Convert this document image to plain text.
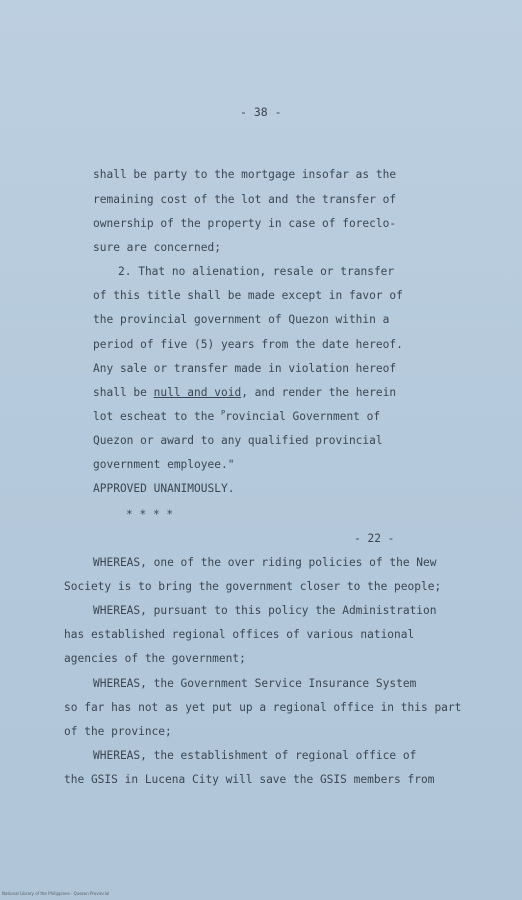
- 38 -
shall be party to the mortgage insofar as the
remaining cost of the lot and the transfer of
ownership of the property in case of foreclo-
sure are concerned;
2. That no alienation, resale or transfer
of this title shall be made except in favor of
the provincial government of Quezon within a
period of five (5) years from the date hereof.
Any sale or transfer made in violation hereof
shall be null and void, and render the herein
lot escheat to the $^P$rovincial Government of
Quezon or award to any qualified provincial
government employee."
APPROVED UNANIMOUSLY.
* * * *
- 22 -
WHEREAS, one of the over riding policies of the New
Society is to bring the government closer to the people;
WHEREAS, pursuant to this policy the Administration
has established regional offices of various national
agencies of the government;
WHEREAS, the Government Service Insurance System
so far has not as yet put up a regional office in this part
of the province;
WHEREAS, the establishment of regional office of
the GSIS in Lucena City will save the GSIS members from
National Library of the Philippines · Quezon Provincial
